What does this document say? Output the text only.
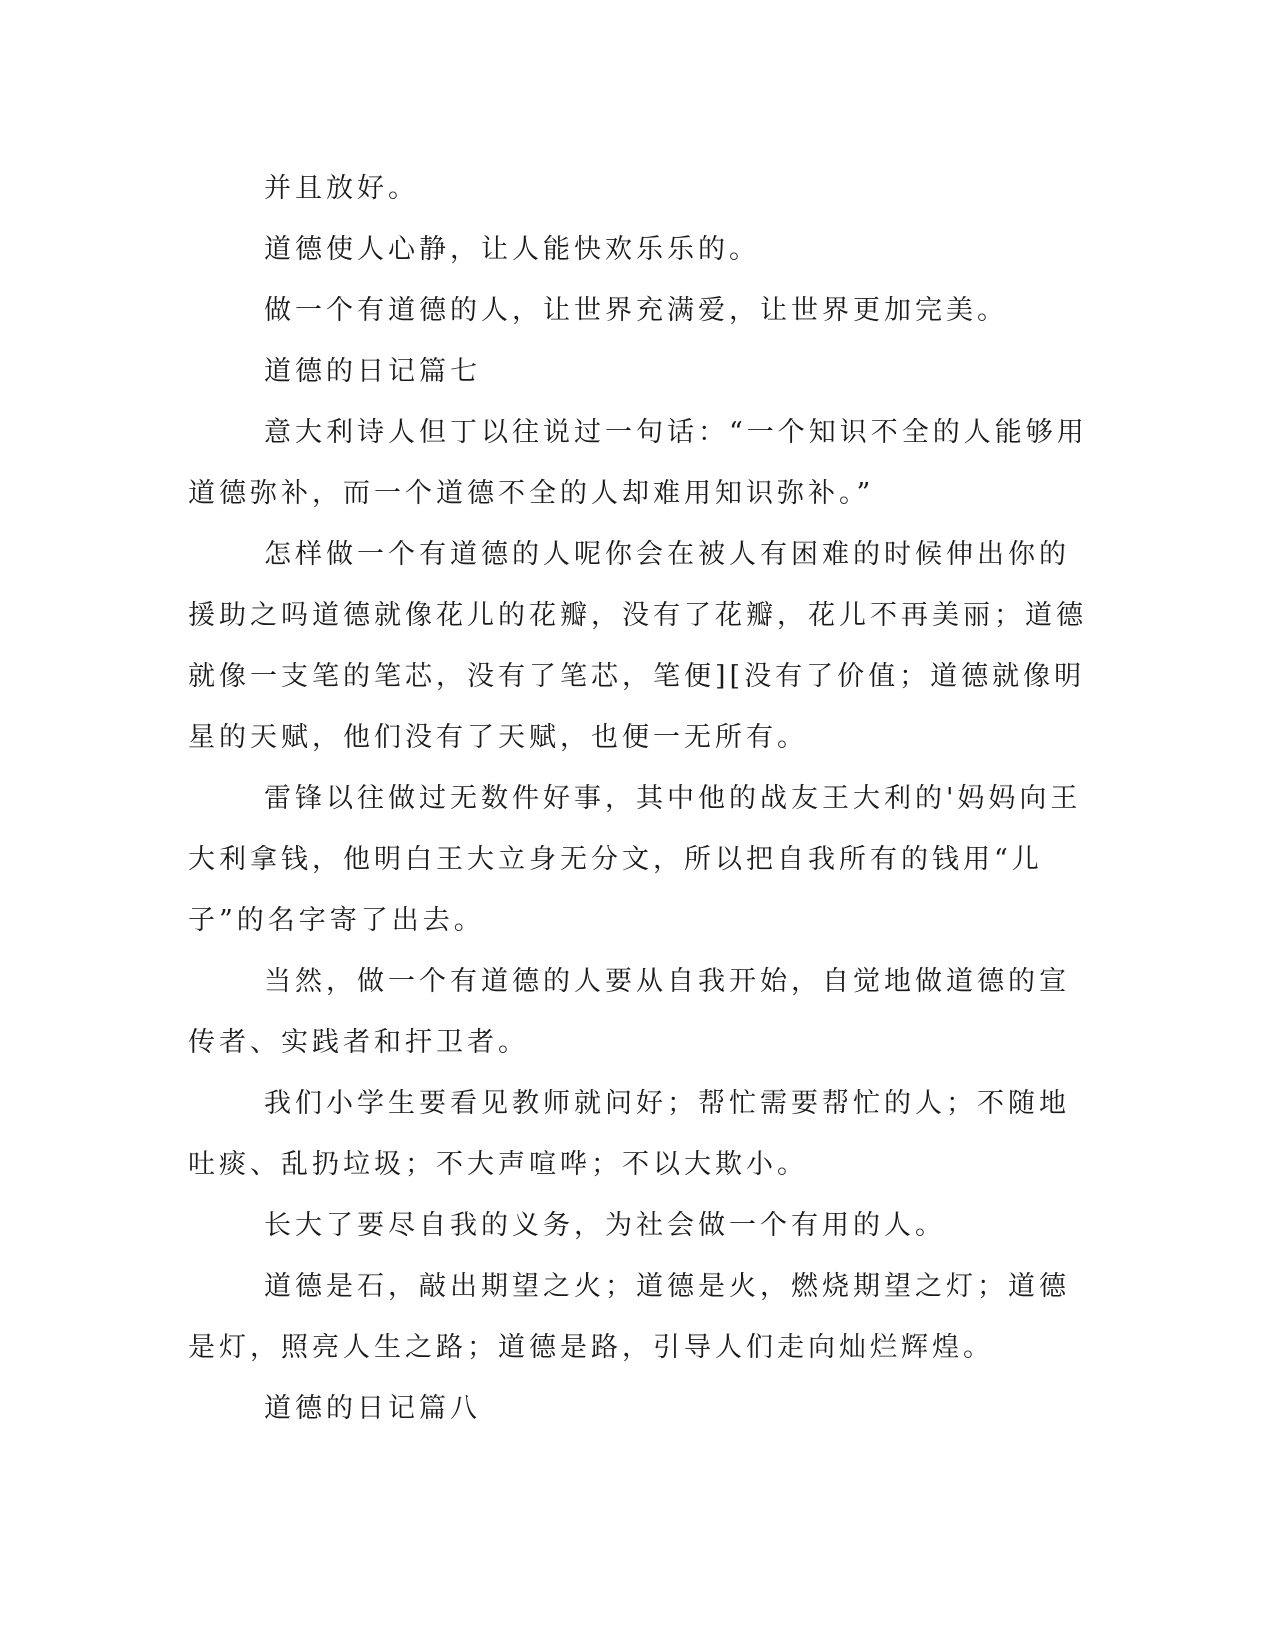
并且放好。

道德使人心静，让人能快欢乐乐的。

做一个有道德的人，让世界充满爱，让世界更加完美。

道德的日记篇七

意大利诗人但丁以往说过一句话：“一个知识不全的人能够用道德弥补，而一个道德不全的人却难用知识弥补。”

怎样做一个有道德的人呢你会在被人有困难的时候伸出你的援助之吗道德就像花儿的花瓣，没有了花瓣，花儿不再美丽；道德就像一支笔的笔芯，没有了笔芯，笔便][没有了价值；道德就像明星的天赋，他们没有了天赋，也便一无所有。

雷锋以往做过无数件好事，其中他的战友王大利的'妈妈向王大利拿钱，他明白王大立身无分文，所以把自我所有的钱用“儿子”的名字寄了出去。

当然，做一个有道德的人要从自我开始，自觉地做道德的宣传者、实践者和扞卫者。

我们小学生要看见教师就问好；帮忙需要帮忙的人；不随地吐痰、乱扔垃圾；不大声喧哗；不以大欺小。

长大了要尽自我的义务，为社会做一个有用的人。

道德是石，敲出期望之火；道德是火，燃烧期望之灯；道德是灯，照亮人生之路；道德是路，引导人们走向灿烂辉煌。

道德的日记篇八
